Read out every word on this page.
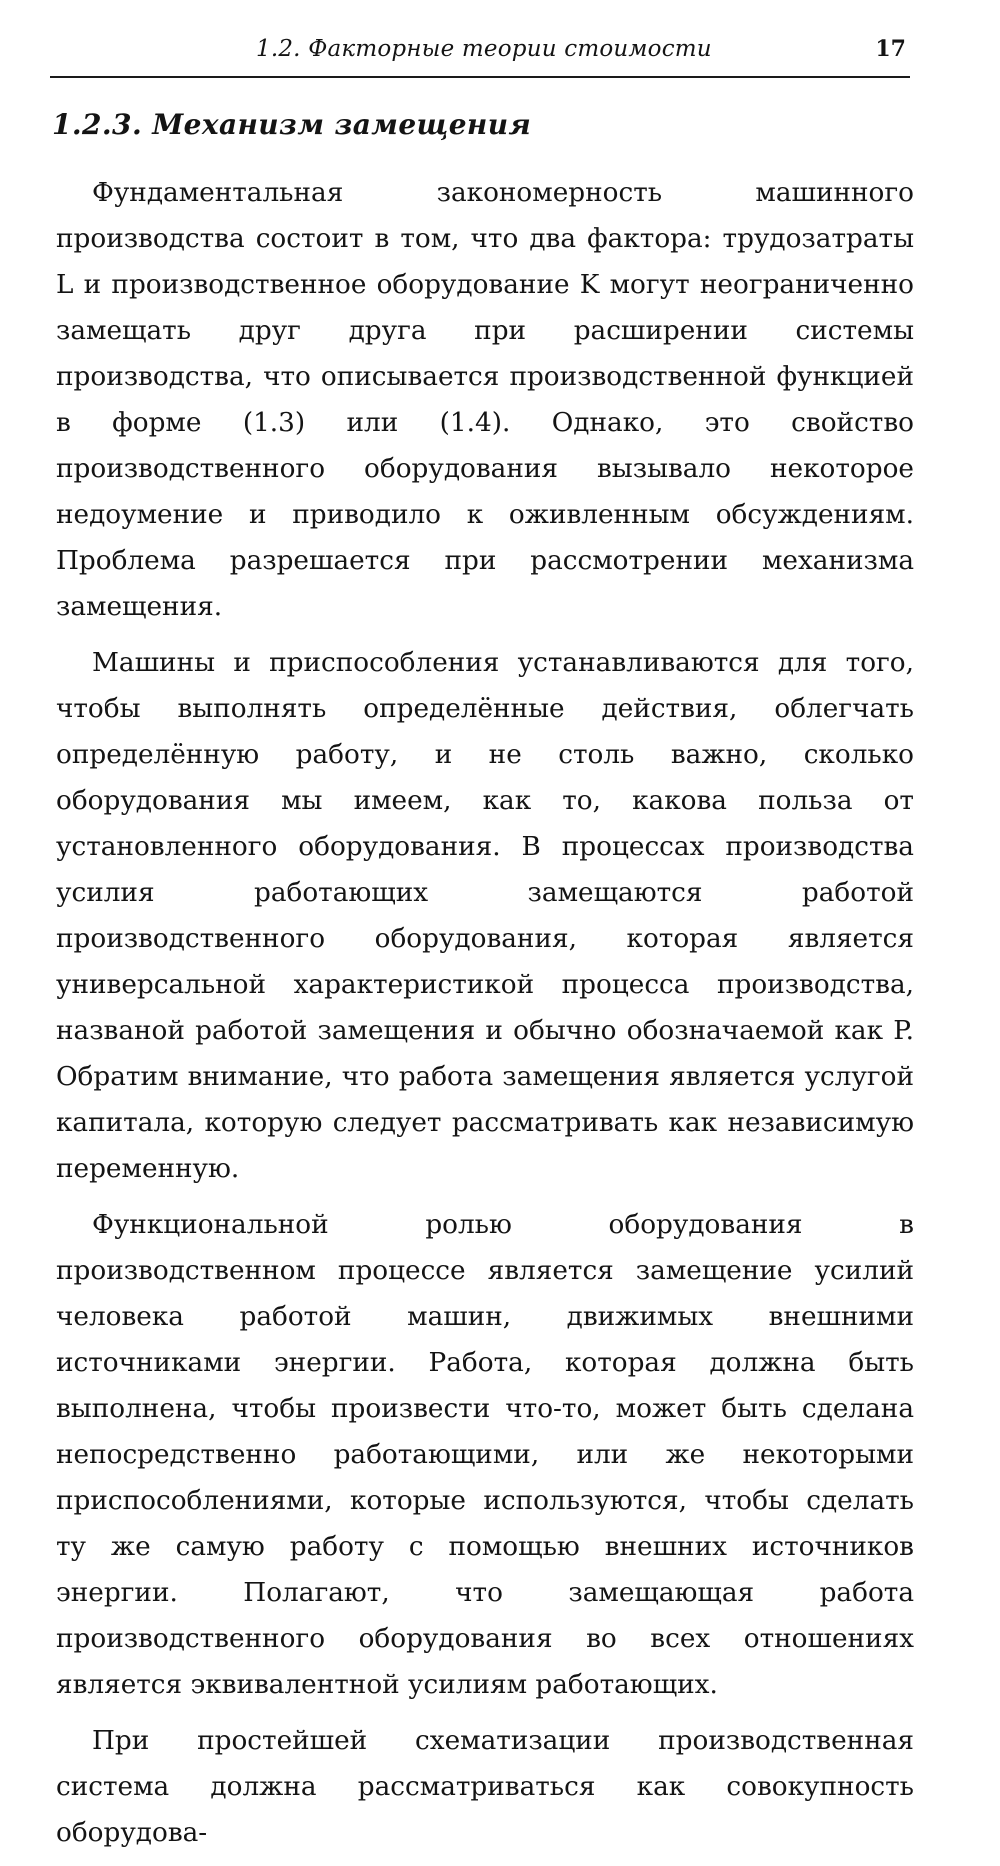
1.2. Факторные теории стоимости	17
1.2.3. Механизм замещения

Фундаментальная закономерность машинного производства состоит в том, что два фактора: трудозатраты L и производственное оборудование K могут неограниченно замещать друг друга при расширении системы производства, что описывается производственной функцией в форме (1.3) или (1.4). Однако, это свойство производственного оборудования вызывало некоторое недоумение и приводило к оживленным обсуждениям. Проблема разрешается при рассмотрении механизма замещения.

Машины и приспособления устанавливаются для того, чтобы выполнять определённые действия, облегчать определённую работу, и не столь важно, сколько оборудования мы имеем, как то, какова польза от установленного оборудования. В процессах производства усилия работающих замещаются работой производственного оборудования, которая является универсальной характеристикой процесса производства, названой работой замещения и обычно обозначаемой как P. Обратим внимание, что работа замещения является услугой капитала, которую следует рассматривать как независимую переменную.

Функциональной ролью оборудования в производственном процессе является замещение усилий человека работой машин, движимых внешними источниками энергии. Работа, которая должна быть выполнена, чтобы произвести что-то, может быть сделана непосредственно работающими, или же некоторыми приспособлениями, которые используются, чтобы сделать ту же самую работу с помощью внешних источников энергии. Полагают, что замещающая работа производственного оборудования во всех отношениях является эквивалентной усилиям работающих.

При простейшей схематизации производственная система должна рассматриваться как совокупность оборудова-
